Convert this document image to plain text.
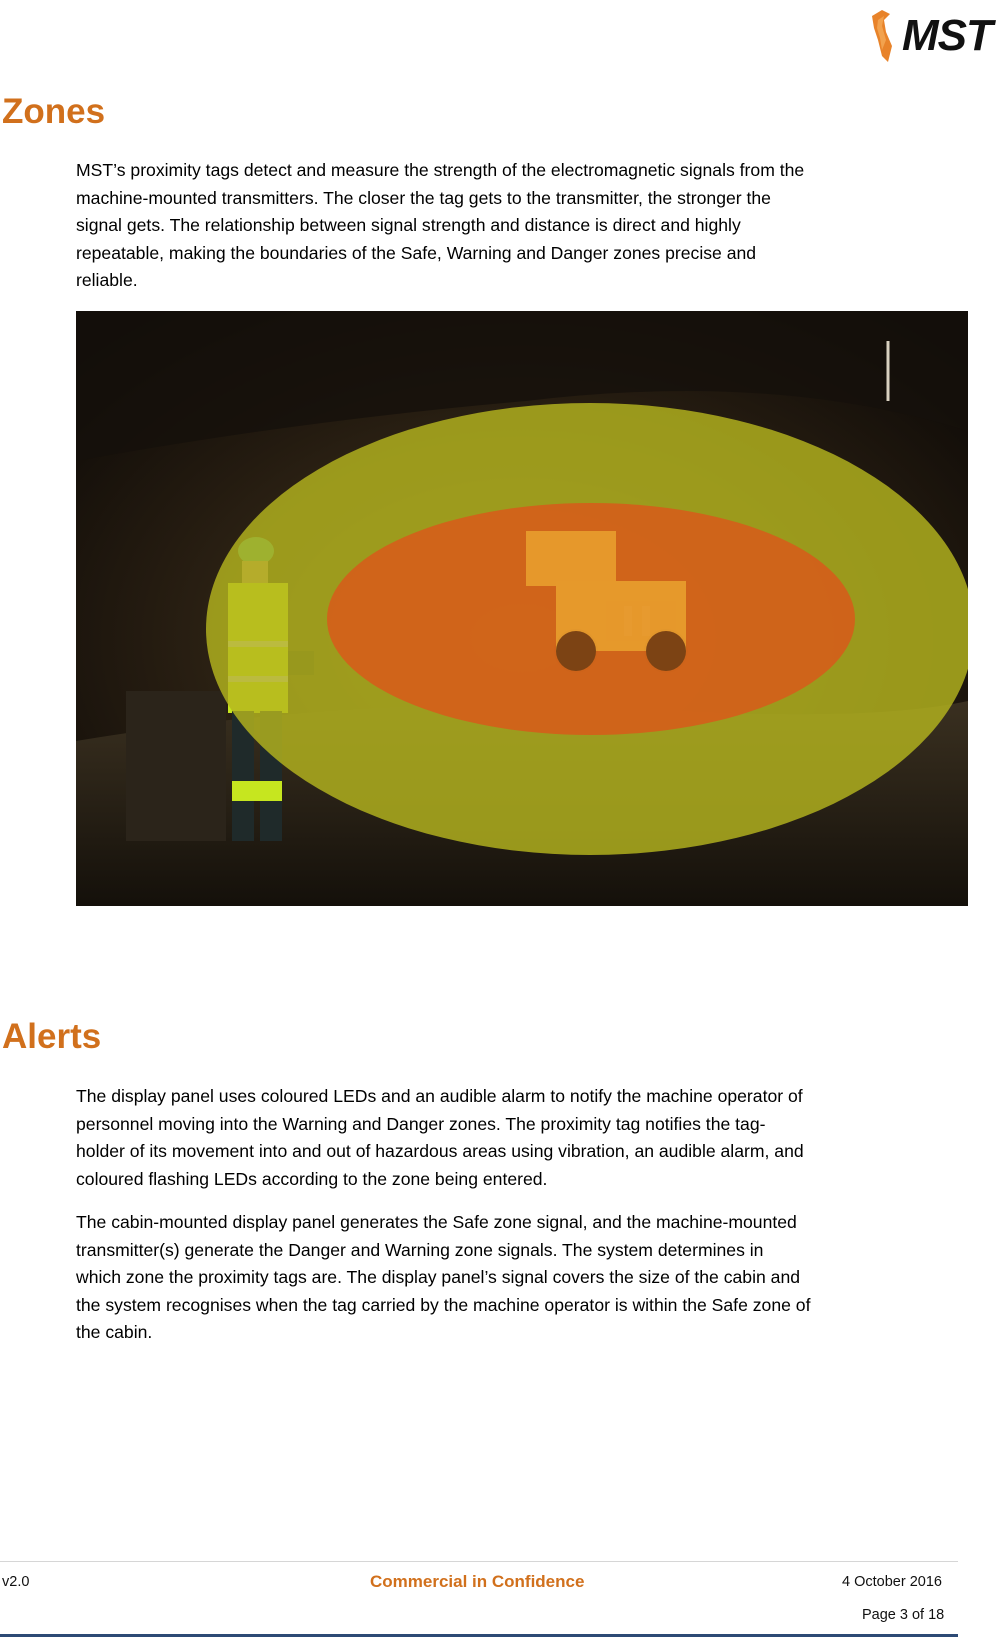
MST
Zones
MST’s proximity tags detect and measure the strength of the electromagnetic signals from the
machine-mounted transmitters. The closer the tag gets to the transmitter, the stronger the
signal gets. The relationship between signal strength and distance is direct and highly
repeatable, making the boundaries of the Safe, Warning and Danger zones precise and
reliable.
Alerts
The display panel uses coloured LEDs and an audible alarm to notify the machine operator of
personnel moving into the Warning and Danger zones. The proximity tag notifies the tag-
holder of its movement into and out of hazardous areas using vibration, an audible alarm, and
coloured flashing LEDs according to the zone being entered.
The cabin-mounted display panel generates the Safe zone signal, and the machine-mounted
transmitter(s) generate the Danger and Warning zone signals. The system determines in
which zone the proximity tags are. The display panel’s signal covers the size of the cabin and
the system recognises when the tag carried by the machine operator is within the Safe zone of
the cabin.
v2.0	Commercial in Confidence	4 October 2016
Page 3 of 18
